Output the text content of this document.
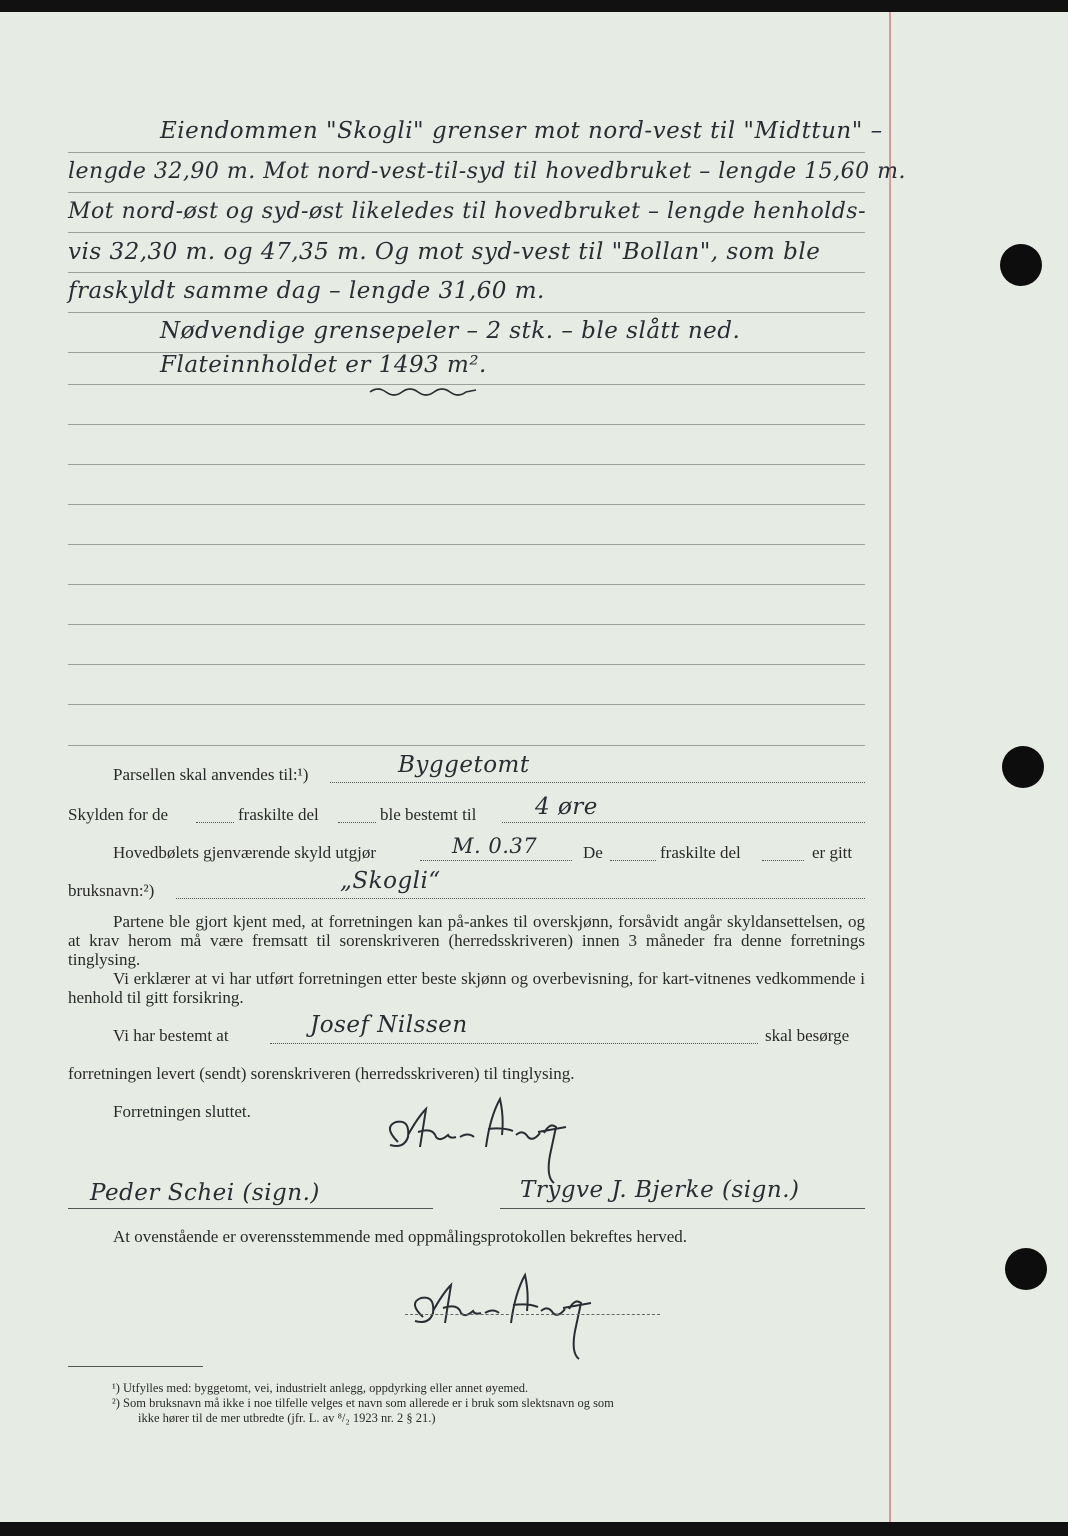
Eiendommen "Skogli" grenser mot nord-vest til "Midttun" –
lengde 32,90 m. Mot nord-vest-til-syd til hovedbruket – lengde 15,60 m.
Mot nord-øst og syd-øst likeledes til hovedbruket – lengde henholds-
vis 32,30 m. og 47,35 m. Og mot syd-vest til "Bollan", som ble
fraskyldt samme dag – lengde 31,60 m.
Nødvendige grensepeler – 2 stk. – ble slått ned.
Flateinnholdet er 1493 m².
Parsellen skal anvendes til:¹)	Byggetomt
Skylden for de	fraskilte del	ble bestemt til	4 øre
Hovedbølets gjenværende skyld utgjør	M. 0.37	De	fraskilte del	er gitt
bruksnavn:²)	„Skogli“
Partene ble gjort kjent med, at forretningen kan på-ankes til overskjønn, forsåvidt angår skyldansettelsen, og at krav herom må være fremsatt til sorenskriveren (herredsskriveren) innen 3 måneder fra denne forretnings tinglysing.
Vi erklærer at vi har utført forretningen etter beste skjønn og overbevisning, for kart-vitnenes vedkommende i henhold til gitt forsikring.
Vi har bestemt at	Josef Nilssen	skal besørge
forretningen levert (sendt) sorenskriveren (herredsskriveren) til tinglysing.
Forretningen sluttet.
Peder Schei (sign.)	Trygve J. Bjerke (sign.)
At ovenstående er overensstemmende med oppmålingsprotokollen bekreftes herved.
¹) Utfylles med: byggetomt, vei, industrielt anlegg, oppdyrking eller annet øyemed.
²) Som bruksnavn må ikke i noe tilfelle velges et navn som allerede er i bruk som slektsnavn og som
ikke hører til de mer utbredte (jfr. L. av ⁸/₂ 1923 nr. 2 § 21.)
